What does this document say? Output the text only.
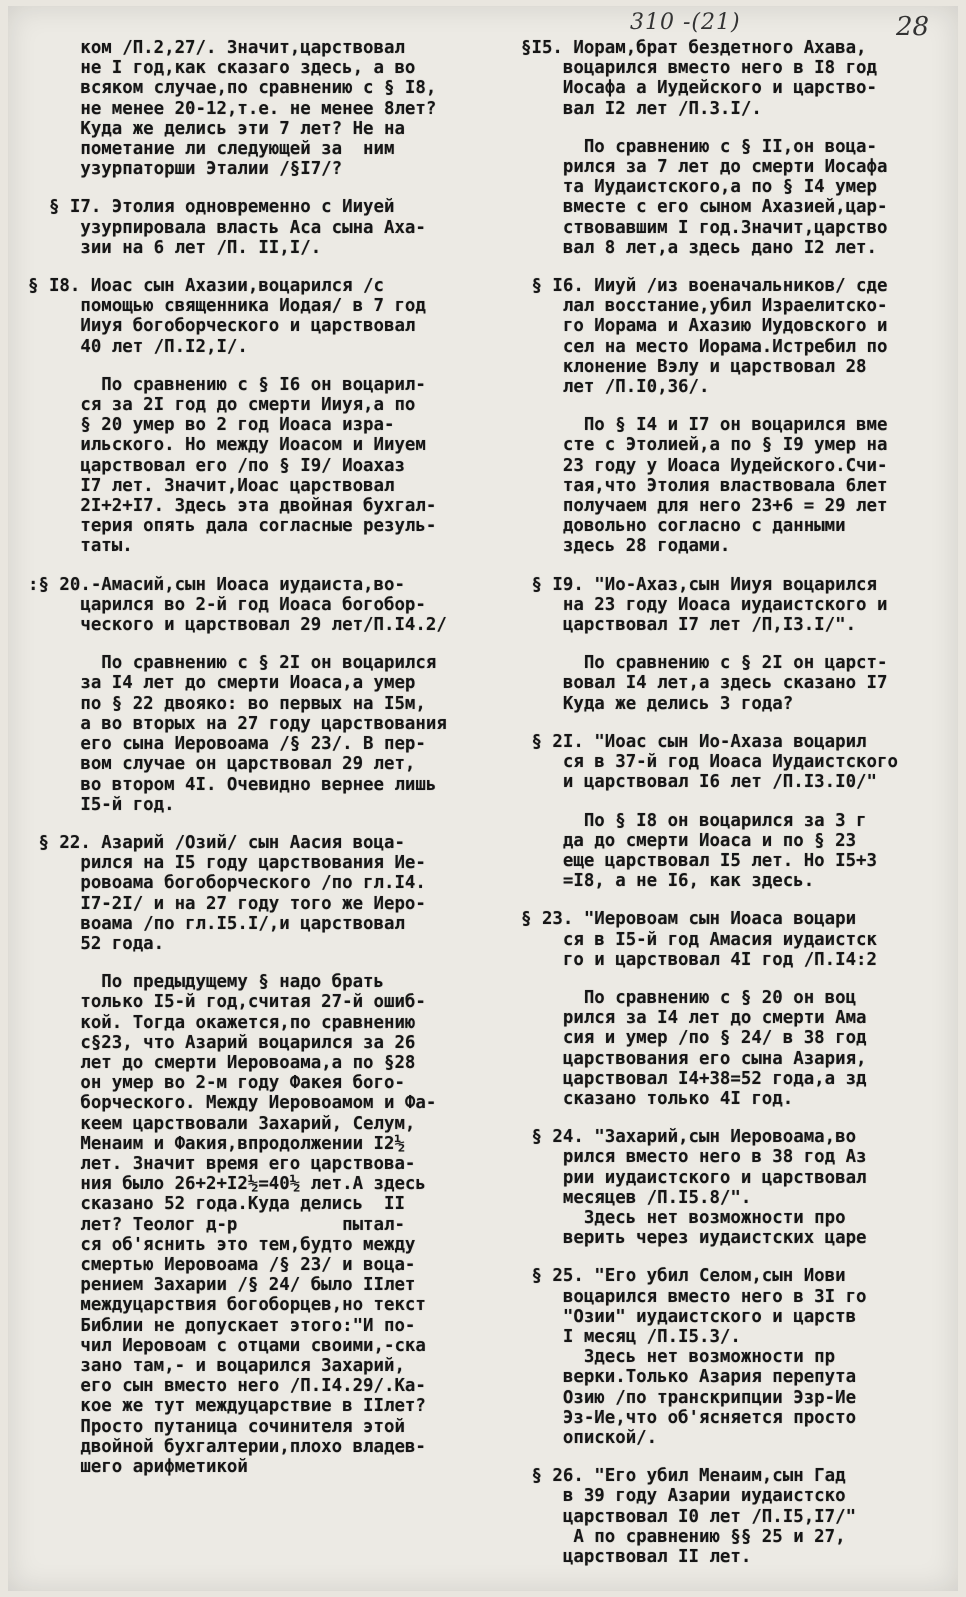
310 -(21)	28
ком /П.2,27/. Значит,царствовал
не I год,как сказаго здесь, а во
всяком случае,по сравнению с § I8,
не менее 20-12,т.е. не менее 8лет?
Куда же делись эти 7 лет? Не на
пометание ли следующей за  ним
узурпаторши Эталии /§I7/?
§ I7. Этолия одновременно с Ииуей
узурпировала власть Аса сына Аха-
зии на 6 лет /П. II,I/.
§ I8. Иоас сын Ахазии,воцарился /с
помощью священника Иодая/ в 7 год
Ииуя богоборческого и царствовал
40 лет /П.I2,I/.
По сравнению с § I6 он воцарил-
ся за 2I год до смерти Ииуя,а по
§ 20 умер во 2 год Иоаса изра-
ильского. Но между Иоасом и Ииуем
царствовал его /по § I9/ Иоахаз
I7 лет. Значит,Иоас царствовал
2I+2+I7. Здесь эта двойная бухгал-
терия опять дала согласные резуль-
таты.
:§ 20.-Амасий,сын Иоаса иудаиста,во-
царился во 2-й год Иоаса богобор-
ческого и царствовал 29 лет/П.I4.2/
По сравнению с § 2I он воцарился
за I4 лет до смерти Иоаса,а умер
по § 22 двояко: во первых на I5м,
а во вторых на 27 году царствования
его сына Иеровоама /§ 23/. В пер-
вом случае он царствовал 29 лет,
во втором 4I. Очевидно вернее лишь
I5-й год.
§ 22. Азарий /Озий/ сын Аасия воца-
рился на I5 году царствования Ие-
ровоама богоборческого /по гл.I4.
I7-2I/ и на 27 году того же Иеро-
воама /по гл.I5.I/,и царствовал
52 года.
По предыдущему § надо брать
только I5-й год,считая 27-й ошиб-
кой. Тогда окажется,по сравнению
с§23, что Азарий воцарился за 26
лет до смерти Иеровоама,а по §28
он умер во 2-м году Факея бого-
борческого. Между Иеровоамом и Фа-
кеем царствовали Захарий, Селум,
Менаим и Факия,впродолжении I2½
лет. Значит время его царствова-
ния было 26+2+I2½=40½ лет.А здесь
сказано 52 года.Куда делись  II
лет? Теолог д-р          пытал-
ся об'яснить это тем,будто между
смертью Иеровоама /§ 23/ и воца-
рением Захарии /§ 24/ было IIлет
междуцарствия богоборцев,но текст
Библии не допускает этого:"И по-
чил Иеровоам с отцами своими,-ска
зано там,- и воцарился Захарий,
его сын вместо него /П.I4.29/.Ка-
кое же тут междуцарствие в IIлет?
Просто путаница сочинителя этой
двойной бухгалтерии,плохо владев-
шего арифметикой
§I5. Иорам,брат бездетного Ахава,
воцарился вместо него в I8 год
Иосафа а Иудейского и царство-
вал I2 лет /П.3.I/.
По сравнению с § II,он воца-
рился за 7 лет до смерти Иосафа
та Иудаистского,а по § I4 умер
вместе с его сыном Ахазией,цар-
ствовавшим I год.Значит,царство
вал 8 лет,а здесь дано I2 лет.
§ I6. Ииуй /из военачальников/ сде
лал восстание,убил Израелитско-
го Иорама и Ахазию Иудовского и
сел на место Иорама.Истребил по
клонение Вэлу и царствовал 28
лет /П.I0,36/.
По § I4 и I7 он воцарился вме
сте с Этолией,а по § I9 умер на
23 году у Иоаса Иудейского.Счи-
тая,что Этолия властвовала 6лет
получаем для него 23+6 = 29 лет
довольно согласно с данными
здесь 28 годами.
§ I9. "Ио-Ахаз,сын Ииуя воцарился
на 23 году Иоаса иудаистского и
царствовал I7 лет /П,I3.I/".
По сравнению с § 2I он царст-
вовал I4 лет,а здесь сказано I7
Куда же делись 3 года?
§ 2I. "Иоас сын Ио-Ахаза воцарил
ся в 37-й год Иоаса Иудаистского
и царствовал I6 лет /П.I3.I0/"
По § I8 он воцарился за 3 г
да до смерти Иоаса и по § 23
еще царствовал I5 лет. Но I5+3
=I8, а не I6, как здесь.
§ 23. "Иеровоам сын Иоаса воцари
ся в I5-й год Амасия иудаистск
го и царствовал 4I год /П.I4:2
По сравнению с § 20 он воц
рился за I4 лет до смерти Ама
сия и умер /по § 24/ в 38 год
царствования его сына Азария,
царствовал I4+38=52 года,а зд
сказано только 4I год.
§ 24. "Захарий,сын Иеровоама,во
рился вместо него в 38 год Аз
рии иудаистского и царствовал
месяцев /П.I5.8/".
Здесь нет возможности про
верить через иудаистских царе
§ 25. "Его убил Селом,сын Иови
воцарился вместо него в 3I го
"Озии" иудаистского и царств
I месяц /П.I5.3/.
Здесь нет возможности пр
верки.Только Азария перепута
Озию /по транскрипции Эзр-Ие
Эз-Ие,что об'ясняется просто
опиской/.
§ 26. "Его убил Менаим,сын Гад
в 39 году Азарии иудаистско
царствовал I0 лет /П.I5,I7/"
А по сравнению §§ 25 и 27,
царствовал II лет.
